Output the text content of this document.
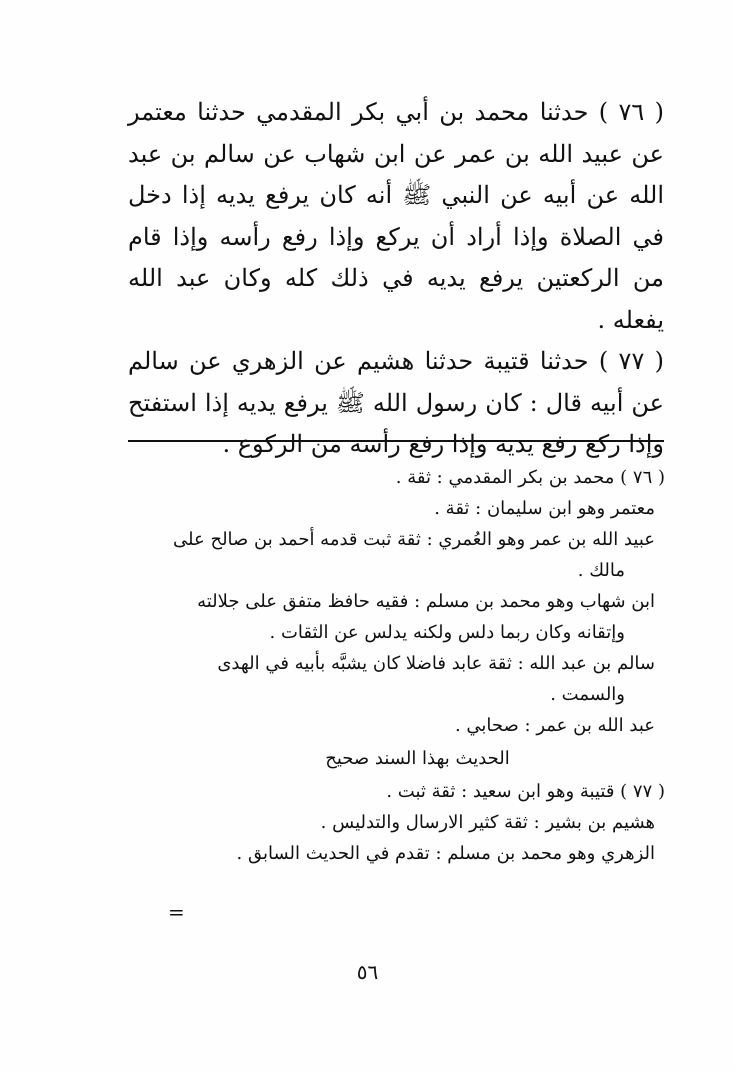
( ٧٦ ) حدثنا محمد بن أبي بكر المقدمي حدثنا معتمر عن عبيد الله بن عمر عن ابن شهاب عن سالم بن عبد الله عن أبيه عن النبي ﷺ أنه كان يرفع يديه إذا دخل في الصلاة وإذا أراد أن يركع وإذا رفع رأسه وإذا قام من الركعتين يرفع يديه في ذلك كله وكان عبد الله يفعله .

( ٧٧ ) حدثنا قتيبة حدثنا هشيم عن الزهري عن سالم عن أبيه قال : كان رسول الله ﷺ يرفع يديه إذا استفتح وإذا ركع رفع يديه وإذا رفع رأسه من الركوع .

( ٧٦ ) محمد بن بكر المقدمي : ثقة .
معتمر وهو ابن سليمان : ثقة .
عبيد الله بن عمر وهو العُمري : ثقة ثبت قدمه أحمد بن صالح على
مالك .
ابن شهاب وهو محمد بن مسلم : فقيه حافظ متفق على جلالته
وإتقانه وكان ربما دلس ولكنه يدلس عن الثقات .
سالم بن عبد الله : ثقة عابد فاضلا كان يشبَّه بأبيه في الهدى
والسمت .
عبد الله بن عمر : صحابي .
الحديث بهذا السند صحيح
( ٧٧ ) قتيبة وهو ابن سعيد : ثقة ثبت .
هشيم بن بشير : ثقة كثير الارسال والتدليس .
الزهري وهو محمد بن مسلم : تقدم في الحديث السابق .
=
٥٦
